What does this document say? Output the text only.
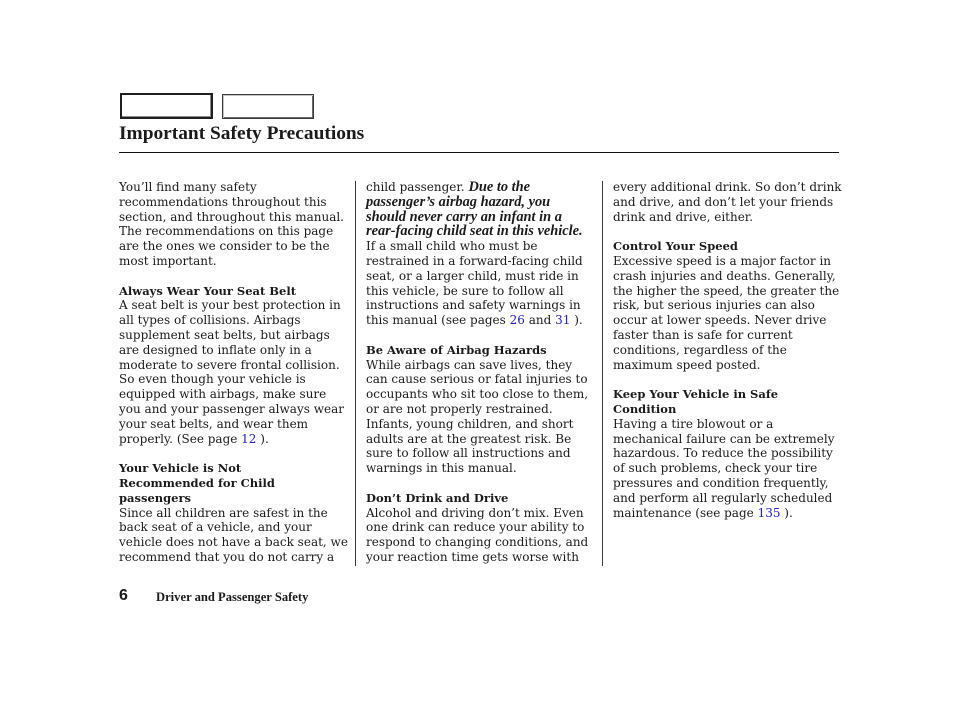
Important Safety Precautions
You’ll find many safety
recommendations throughout this
section, and throughout this manual.
The recommendations on this page
are the ones we consider to be the
most important.
Always Wear Your Seat Belt
A seat belt is your best protection in
all types of collisions. Airbags
supplement seat belts, but airbags
are designed to inflate only in a
moderate to severe frontal collision.
So even though your vehicle is
equipped with airbags, make sure
you and your passenger always wear
your seat belts, and wear them
properly. (See page 12 ).
Your Vehicle is Not
Recommended for Child
passengers
Since all children are safest in the
back seat of a vehicle, and your
vehicle does not have a back seat, we
recommend that you do not carry a
child passenger. Due to the
passenger’s airbag hazard, you
should never carry an infant in a
rear-facing child seat in this vehicle.
If a small child who must be
restrained in a forward-facing child
seat, or a larger child, must ride in
this vehicle, be sure to follow all
instructions and safety warnings in
this manual (see pages 26 and 31 ).
Be Aware of Airbag Hazards
While airbags can save lives, they
can cause serious or fatal injuries to
occupants who sit too close to them,
or are not properly restrained.
Infants, young children, and short
adults are at the greatest risk. Be
sure to follow all instructions and
warnings in this manual.
Don’t Drink and Drive
Alcohol and driving don’t mix. Even
one drink can reduce your ability to
respond to changing conditions, and
your reaction time gets worse with
every additional drink. So don’t drink
and drive, and don’t let your friends
drink and drive, either.
Control Your Speed
Excessive speed is a major factor in
crash injuries and deaths. Generally,
the higher the speed, the greater the
risk, but serious injuries can also
occur at lower speeds. Never drive
faster than is safe for current
conditions, regardless of the
maximum speed posted.
Keep Your Vehicle in Safe
Condition
Having a tire blowout or a
mechanical failure can be extremely
hazardous. To reduce the possibility
of such problems, check your tire
pressures and condition frequently,
and perform all regularly scheduled
maintenance (see page 135 ).
6 Driver and Passenger Safety
